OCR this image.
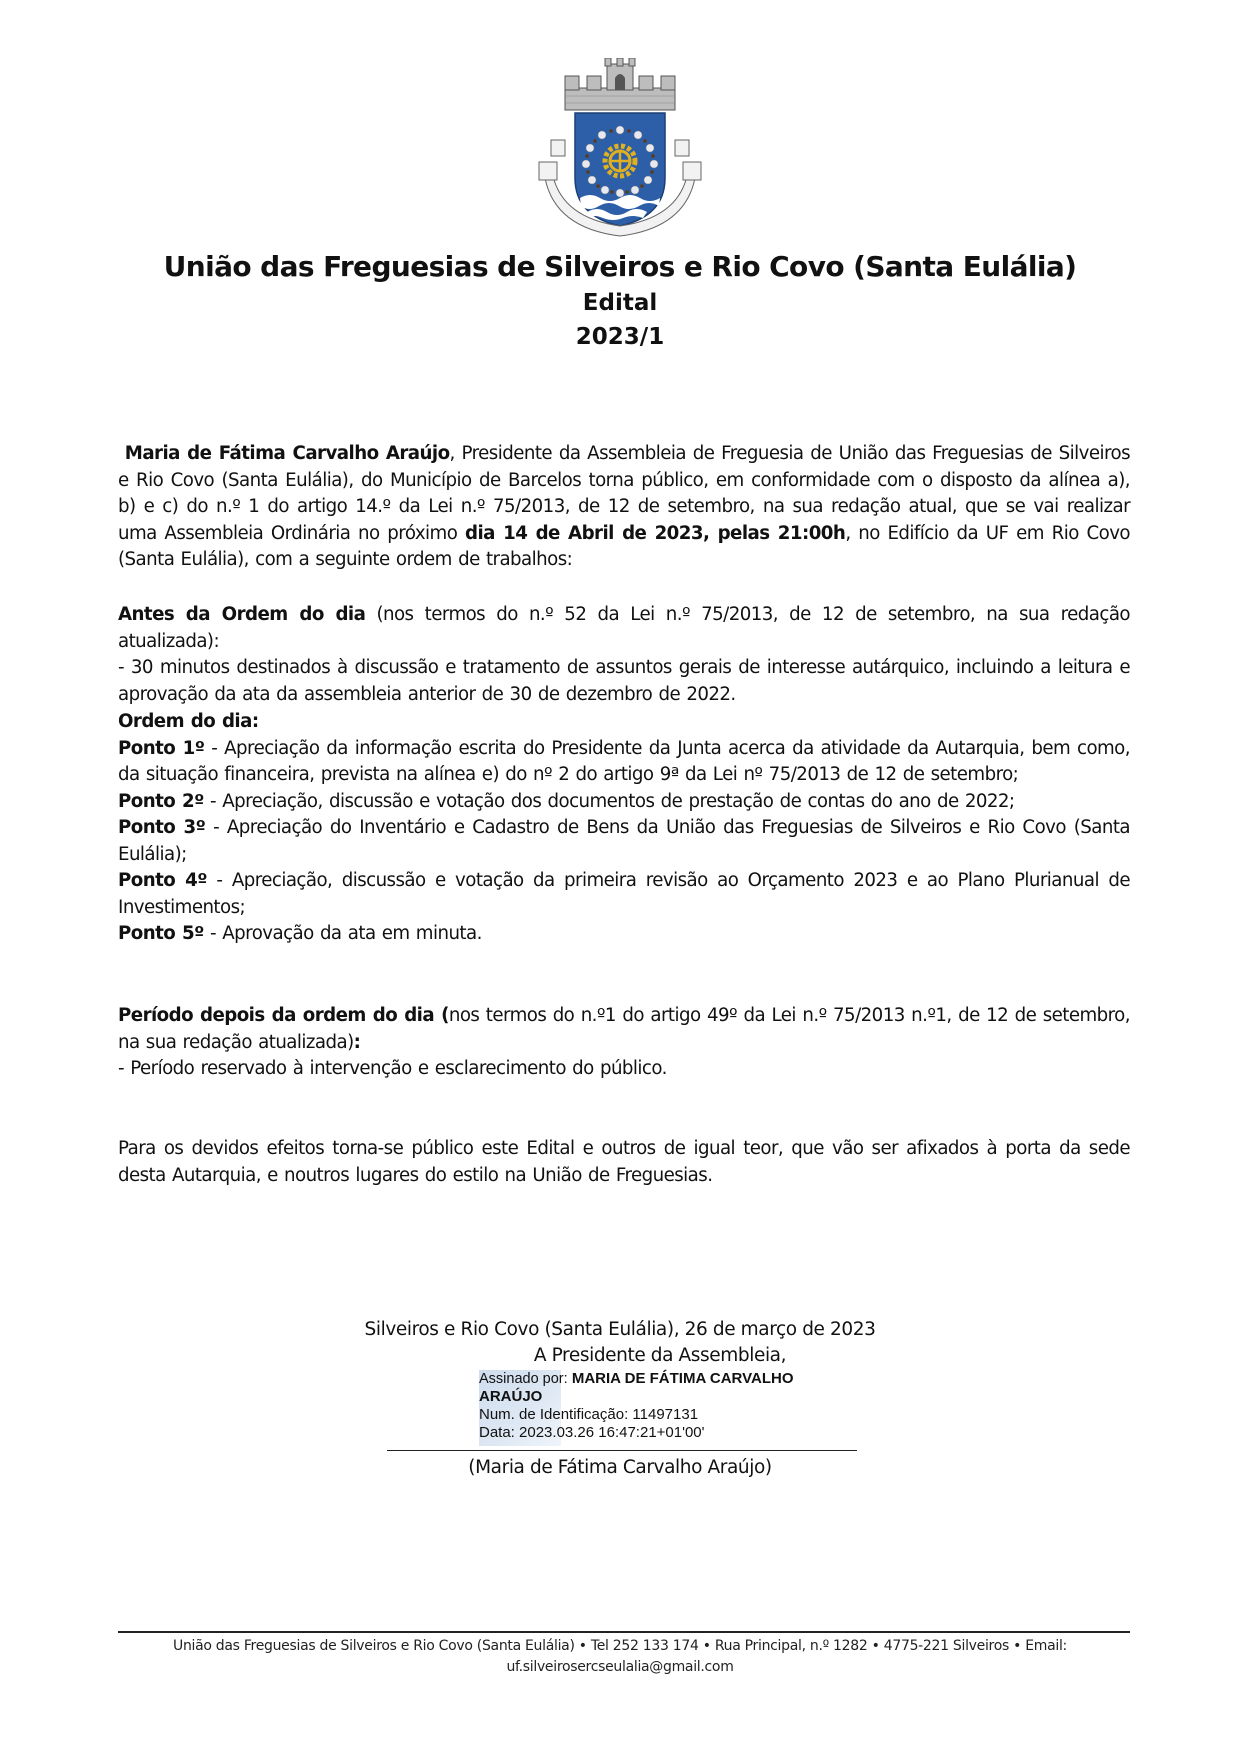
União das Freguesias de Silveiros e Rio Covo (Santa Eulália)
Edital
2023/1
Maria de Fátima Carvalho Araújo, Presidente da Assembleia de Freguesia de União das Freguesias de Silveiros e Rio Covo (Santa Eulália), do Município de Barcelos torna público, em conformidade com o disposto da alínea a), b) e c) do n.º 1 do artigo 14.º da Lei n.º 75/2013, de 12 de setembro, na sua redação atual, que se vai realizar uma Assembleia Ordinária no próximo dia 14 de Abril de 2023, pelas 21:00h, no Edifício da UF em Rio Covo (Santa Eulália), com a seguinte ordem de trabalhos:
Antes da Ordem do dia (nos termos do n.º 52 da Lei n.º 75/2013, de 12 de setembro, na sua redação atualizada):
- 30 minutos destinados à discussão e tratamento de assuntos gerais de interesse autárquico, incluindo a leitura e aprovação da ata da assembleia anterior de 30 de dezembro de 2022.
Ordem do dia:
Ponto 1º - Apreciação da informação escrita do Presidente da Junta acerca da atividade da Autarquia, bem como, da situação financeira, prevista na alínea e) do nº 2 do artigo 9ª da Lei nº 75/2013 de 12 de setembro;
Ponto 2º - Apreciação, discussão e votação dos documentos de prestação de contas do ano de 2022;
Ponto 3º - Apreciação do Inventário e Cadastro de Bens da União das Freguesias de Silveiros e Rio Covo (Santa Eulália);
Ponto 4º - Apreciação, discussão e votação da primeira revisão ao Orçamento 2023 e ao Plano Plurianual de Investimentos;
Ponto 5º - Aprovação da ata em minuta.
Período depois da ordem do dia (nos termos do n.º1 do artigo 49º da Lei n.º 75/2013 n.º1, de 12 de setembro, na sua redação atualizada):
- Período reservado à intervenção e esclarecimento do público.
Para os devidos efeitos torna-se público este Edital e outros de igual teor, que vão ser afixados à porta da sede desta Autarquia, e noutros lugares do estilo na União de Freguesias.
Silveiros e Rio Covo (Santa Eulália), 26 de março de 2023
A Presidente da Assembleia,
Assinado por: MARIA DE FÁTIMA CARVALHO ARAÚJO
Num. de Identificação: 11497131
Data: 2023.03.26 16:47:21+01'00'
(Maria de Fátima Carvalho Araújo)
União das Freguesias de Silveiros e Rio Covo (Santa Eulália) • Tel 252 133 174 • Rua Principal, n.º 1282 • 4775-221 Silveiros • Email:
uf.silveirosercseulalia@gmail.com
